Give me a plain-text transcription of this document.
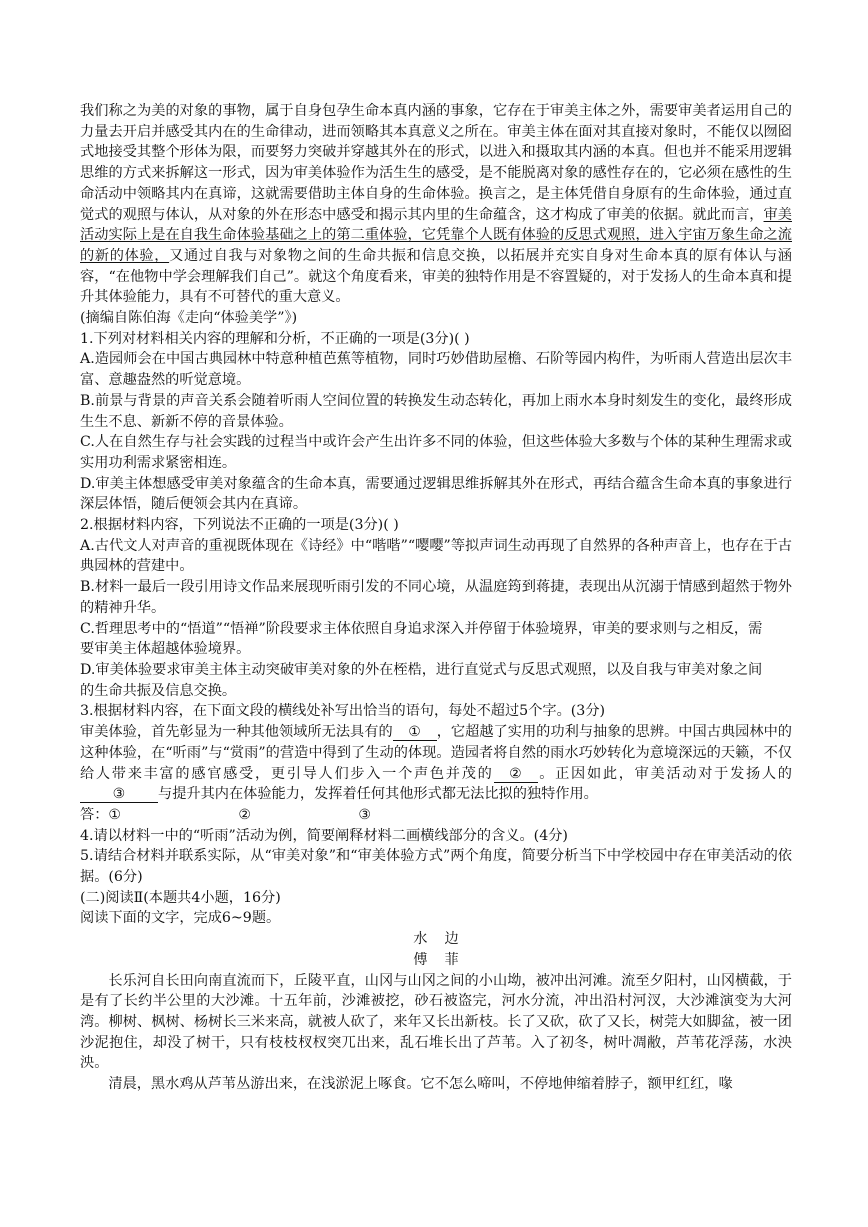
我们称之为美的对象的事物，属于自身包孕生命本真内涵的事象，它存在于审美主体之外，需要审美者运用自己的力量去开启并感受其内在的生命律动，进而领略其本真意义之所在。审美主体在面对其直接对象时，不能仅以囫囵式地接受其整个形体为限，而要努力突破并穿越其外在的形式，以进入和摄取其内涵的本真。但也并不能采用逻辑思维的方式来拆解这一形式，因为审美体验作为活生生的感受，是不能脱离对象的感性存在的，它必须在感性的生命活动中领略其内在真谛，这就需要借助主体自身的生命体验。换言之，是主体凭借自身原有的生命体验，通过直觉式的观照与体认，从对象的外在形态中感受和揭示其内里的生命蕴含，这才构成了审美的依据。就此而言，审美活动实际上是在自我生命体验基础之上的第二重体验，它凭靠个人既有体验的反思式观照，进入宇宙万象生命之流的新的体验，又通过自我与对象物之间的生命共振和信息交换，以拓展并充实自身对生命本真的原有体认与涵容，“在他物中学会理解我们自己”。就这个角度看来，审美的独特作用是不容置疑的，对于发扬人的生命本真和提升其体验能力，具有不可替代的重大意义。

(摘编自陈伯海《走向“体验美学”》)

1.下列对材料相关内容的理解和分析，不正确的一项是(3分)( )

A.造园师会在中国古典园林中特意种植芭蕉等植物，同时巧妙借助屋檐、石阶等园内构件，为听雨人营造出层次丰富、意趣盎然的听觉意境。

B.前景与背景的声音关系会随着听雨人空间位置的转换发生动态转化，再加上雨水本身时刻发生的变化，最终形成生生不息、新新不停的音景体验。

C.人在自然生存与社会实践的过程当中或许会产生出许多不同的体验，但这些体验大多数与个体的某种生理需求或实用功利需求紧密相连。

D.审美主体想感受审美对象蕴含的生命本真，需要通过逻辑思维拆解其外在形式，再结合蕴含生命本真的事象进行深层体悟，随后便领会其内在真谛。

2.根据材料内容，下列说法不正确的一项是(3分)( )

A.古代文人对声音的重视既体现在《诗经》中“喈喈”“嘤嘤”等拟声词生动再现了自然界的各种声音上，也存在于古典园林的营建中。

B.材料一最后一段引用诗文作品来展现听雨引发的不同心境，从温庭筠到蒋捷，表现出从沉溺于情感到超然于物外的精神升华。

C.哲理思考中的“悟道”“悟禅”阶段要求主体依照自身追求深入并停留于体验境界，审美的要求则与之相反，需

要审美主体超越体验境界。

D.审美体验要求审美主体主动突破审美对象的外在桎梏，进行直觉式与反思式观照，以及自我与审美对象之间

的生命共振及信息交换。

3.根据材料内容，在下面文段的横线处补写出恰当的语句，每处不超过5个字。(3分)

审美体验，首先彰显为一种其他领域所无法具有的 ① ，它超越了实用的功利与抽象的思辨。中国古典园林中的这种体验，在“听雨”与“赏雨”的营造中得到了生动的体现。造园者将自然的雨水巧妙转化为意境深远的天籁，不仅给人带来丰富的感官感受，更引导人们步入一个声色并茂的 ② 。正因如此，审美活动对于发扬人的③ 与提升其内在体验能力，发挥着任何其他形式都无法比拟的独特作用。

答：①	②	③

4.请以材料一中的“听雨”活动为例，简要阐释材料二画横线部分的含义。(4分)

5.请结合材料并联系实际，从“审美对象”和“审美体验方式”两个角度，简要分析当下中学校园中存在审美活动的依据。(6分)

(二)阅读Ⅱ(本题共4小题，16分)

阅读下面的文字，完成6~9题。

水边

傅菲

长乐河自长田向南直流而下，丘陵平直，山冈与山冈之间的小山坳，被冲出河滩。流至夕阳村，山冈横截，于是有了长约半公里的大沙滩。十五年前，沙滩被挖，砂石被盗完，河水分流，冲出沿村河汊，大沙滩演变为大河湾。柳树、枫树、杨树长三米来高，就被人砍了，来年又长出新枝。长了又砍，砍了又长，树莞大如脚盆，被一团沙泥抱住，却没了树干，只有枝枝杈杈突兀出来，乱石堆长出了芦苇。入了初冬，树叶凋敝，芦苇花浮荡，水泱泱。

清晨，黑水鸡从芦苇丛游出来，在浅淤泥上啄食。它不怎么啼叫，不停地伸缩着脖子，额甲红红，喙
